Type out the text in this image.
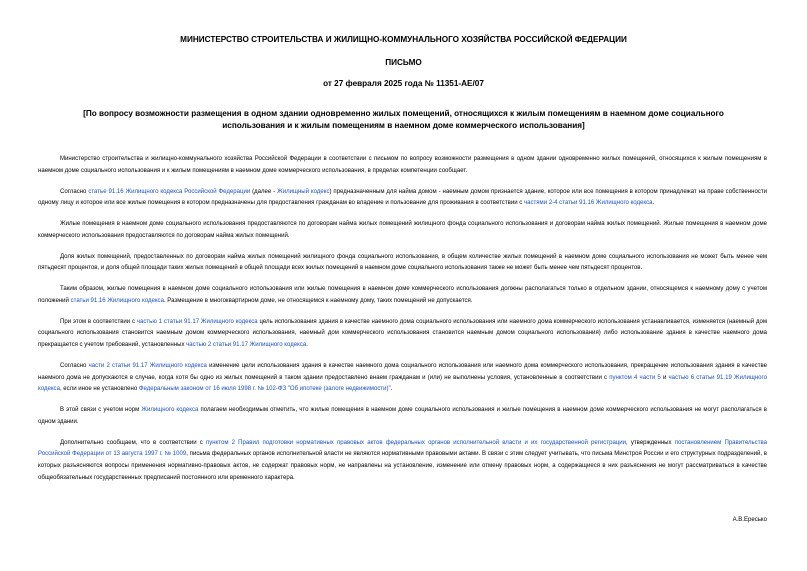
МИНИСТЕРСТВО СТРОИТЕЛЬСТВА И ЖИЛИЩНО-КОММУНАЛЬНОГО ХОЗЯЙСТВА РОССИЙСКОЙ ФЕДЕРАЦИИ
ПИСЬМО
от 27 февраля 2025 года № 11351-АЕ/07
[По вопросу возможности размещения в одном здании одновременно жилых помещений, относящихся к жилым помещениям в наемном доме социального использования и к жилым помещениям в наемном доме коммерческого использования]

Министерство строительства и жилищно-коммунального хозяйства Российской Федерации в соответствии с письмом по вопросу возможности размещения в одном здании одновременно жилых помещений, относящихся к жилым помещениям в наемном доме социального использования и к жилым помещениям в наемном доме коммерческого использования, в пределах компетенции сообщает.

Согласно статье 91.16 Жилищного кодекса Российской Федерации (далее - Жилищный кодекс) предназначенным для найма домом - наемным домом признается здание, которое или все помещения в котором принадлежат на праве собственности одному лицу и которое или все жилые помещения в котором предназначены для предоставления гражданам во владение и пользование для проживания в соответствии с частями 2-4 статьи 91.16 Жилищного кодекса.

Жилые помещения в наемном доме социального использования предоставляются по договорам найма жилых помещений жилищного фонда социального использования и договорам найма жилых помещений. Жилые помещения в наемном доме коммерческого использования предоставляются по договорам найма жилых помещений.

Доля жилых помещений, предоставленных по договорам найма жилых помещений жилищного фонда социального использования, в общем количестве жилых помещений в наемном доме социального использования не может быть менее чем пятьдесят процентов, и доля общей площади таких жилых помещений в общей площади всех жилых помещений в наемном доме социального использования также не может быть менее чем пятьдесят процентов.

Таким образом, жилые помещения в наемном доме социального использования или жилые помещения в наемном доме коммерческого использования должны располагаться только в отдельном здании, относящемся к наемному дому с учетом положений статьи 91.16 Жилищного кодекса. Размещение в многоквартирном доме, не относящемся к наемному дому, таких помещений не допускается.

При этом в соответствии с частью 1 статьи 91.17 Жилищного кодекса цель использования здания в качестве наемного дома социального использования или наемного дома коммерческого использования устанавливается, изменяется (наемный дом социального использования становится наемным домом коммерческого использования, наемный дом коммерческого использования становится наемным домом социального использования) либо использование здания в качестве наемного дома прекращается с учетом требований, установленных частью 2 статьи 91.17 Жилищного кодекса.

Согласно части 2 статьи 91.17 Жилищного кодекса изменение цели использования здания в качестве наемного дома социального использования или наемного дома коммерческого использования, прекращение использования здания в качестве наемного дома не допускаются в случае, когда хотя бы одно из жилых помещений в таком здании предоставлено внаем гражданам и (или) не выполнены условия, установленные в соответствии с пунктом 4 части 5 и частью 6 статьи 91.19 Жилищного кодекса, если иное не установлено Федеральным законом от 16 июля 1998 г. № 102-ФЗ "Об ипотеке (залоге недвижимости)".

В этой связи с учетом норм Жилищного кодекса полагаем необходимым отметить, что жилые помещения в наемном доме социального использования и жилые помещения в наемном доме коммерческого использования не могут располагаться в одном здании.

Дополнительно сообщаем, что в соответствии с пунктом 2 Правил подготовки нормативных правовых актов федеральных органов исполнительной власти и их государственной регистрации, утвержденных постановлением Правительства Российской Федерации от 13 августа 1997 г. № 1009, письма федеральных органов исполнительной власти не являются нормативными правовыми актами. В связи с этим следует учитывать, что письма Минстроя России и его структурных подразделений, в которых разъясняются вопросы применения нормативно-правовых актов, не содержат правовых норм, не направлены на установление, изменение или отмену правовых норм, а содержащиеся в них разъяснения не могут рассматриваться в качестве общеобязательных государственных предписаний постоянного или временного характера.

А.В.Ересько
